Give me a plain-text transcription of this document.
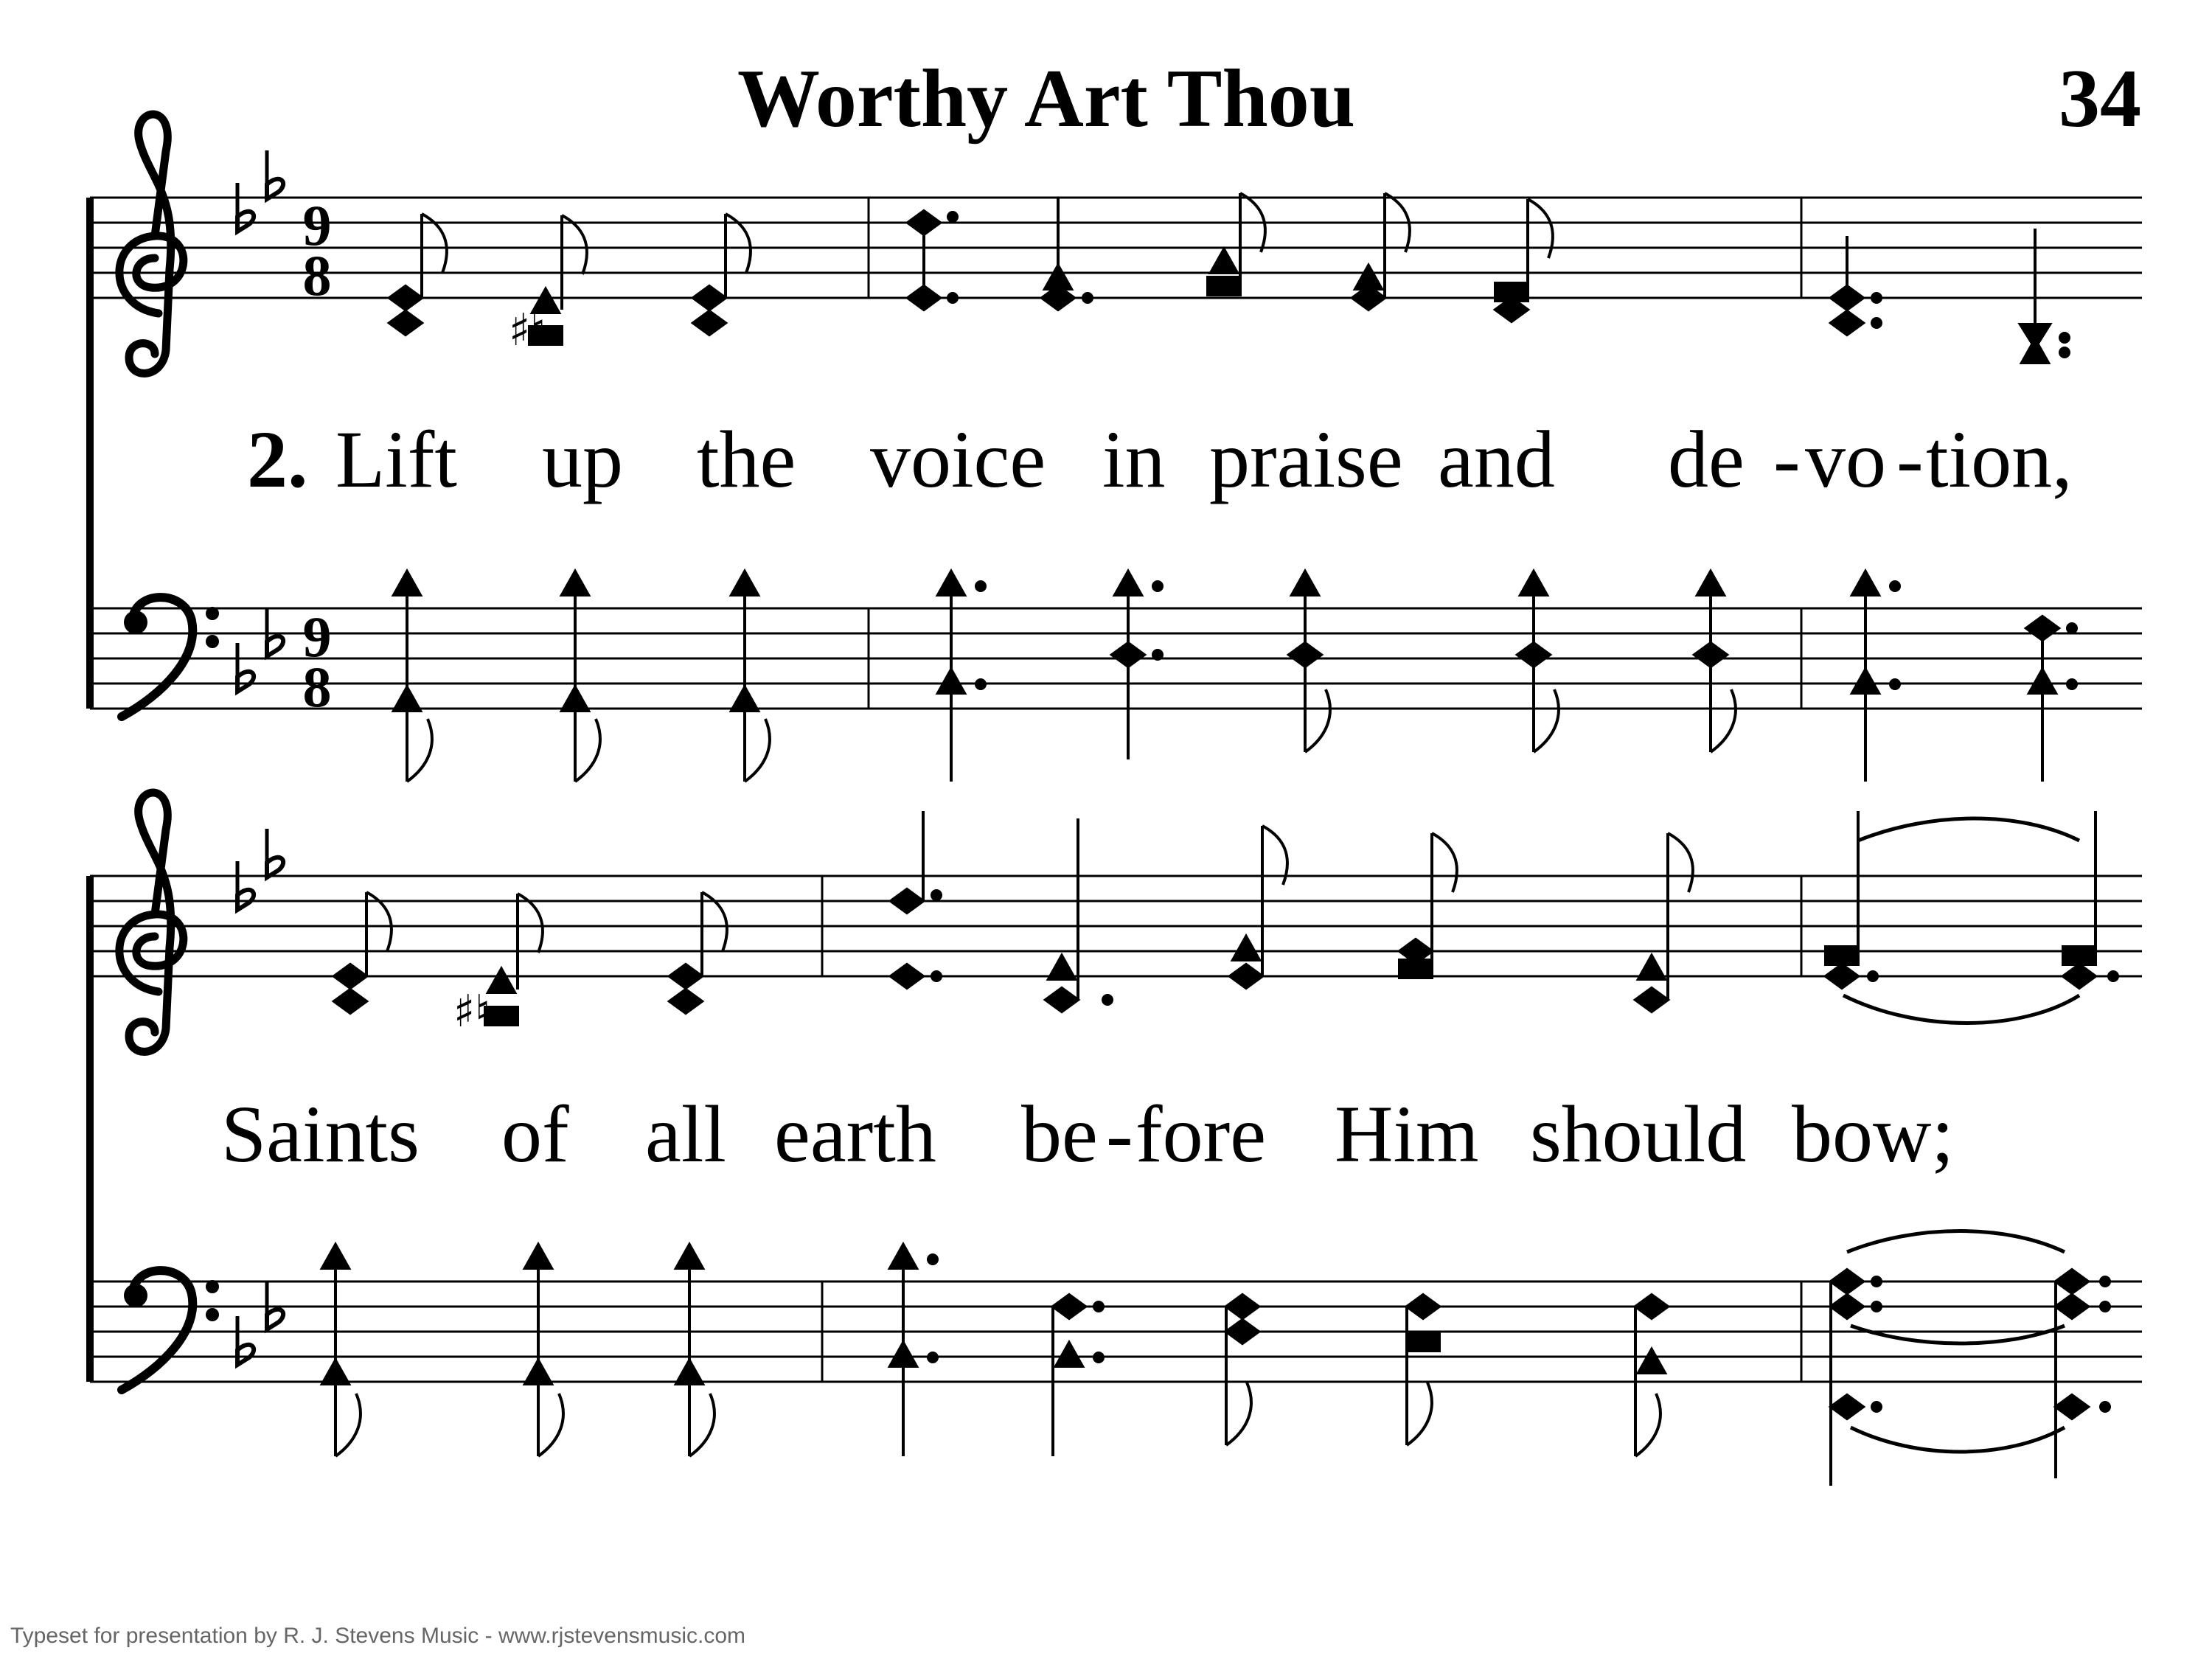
9
8
9
8
♯♮
♯♮
Worthy Art Thou	34
2. Lift up the voice in praise and de - vo - tion,
Saints of all earth be - fore Him should bow;
Typeset for presentation by R. J. Stevens Music - www.rjstevensmusic.com
